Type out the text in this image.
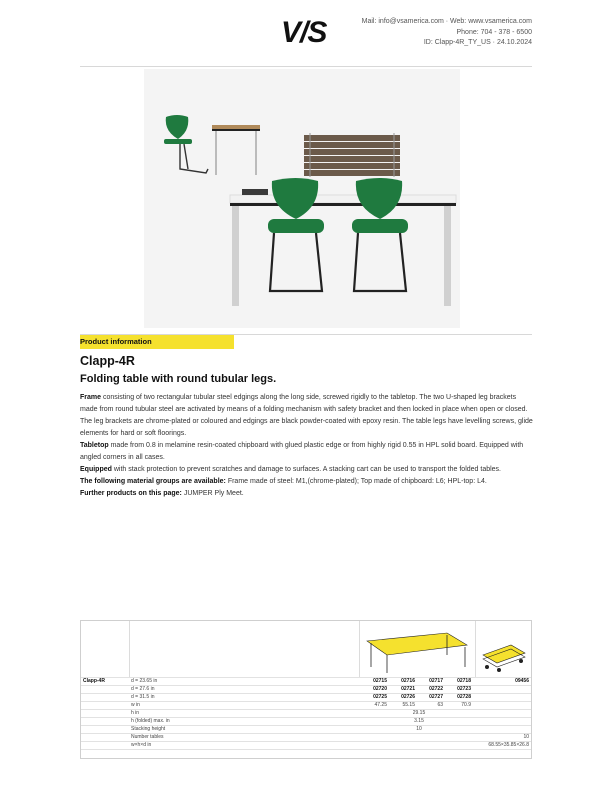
V/S	Mail: info@vsamerica.com · Web: www.vsamerica.com
Phone: 704 - 378 - 6500
ID: Clapp-4R_TY_US · 24.10.2024
Product information
Clapp-4R
Folding table with round tubular legs.

Frame consisting of two rectangular tubular steel edgings along the long side, screwed rigidly to the tabletop. The two U-shaped leg brackets made from round tubular steel are activated by means of a folding mechanism with safety bracket and then locked in place when open or closed. The leg brackets are chrome-plated or coloured and edgings are black powder-coated with epoxy resin. The table legs have levelling screws, glide elements for hard or soft floorings.

Tabletop made from 0.8 in melamine resin-coated chipboard with glued plastic edge or from highly rigid 0.55 in HPL solid board. Equipped with angled corners in all cases.

Equipped with stack protection to prevent scratches and damage to surfaces. A stacking cart can be used to transport the folded tables.

The following material groups are available: Frame made of steel: M1,(chrome-plated); Top made of chipboard: L6; HPL-top: L4.

Further products on this page: JUMPER Ply Meet.

Clapp-4R	d = 23.65 in	02715	02716	02717	02718	09456
d = 27.6 in	02720	02721	02722	02723
d = 31.5 in	02725	02726	02727	02728
w in	47.25	55.15	63	70.9
h in	29.15
h (folded) max. in	3.15
Stacking height	10
Number tables	10
w×h×d in	68.55×35.85×26.8
